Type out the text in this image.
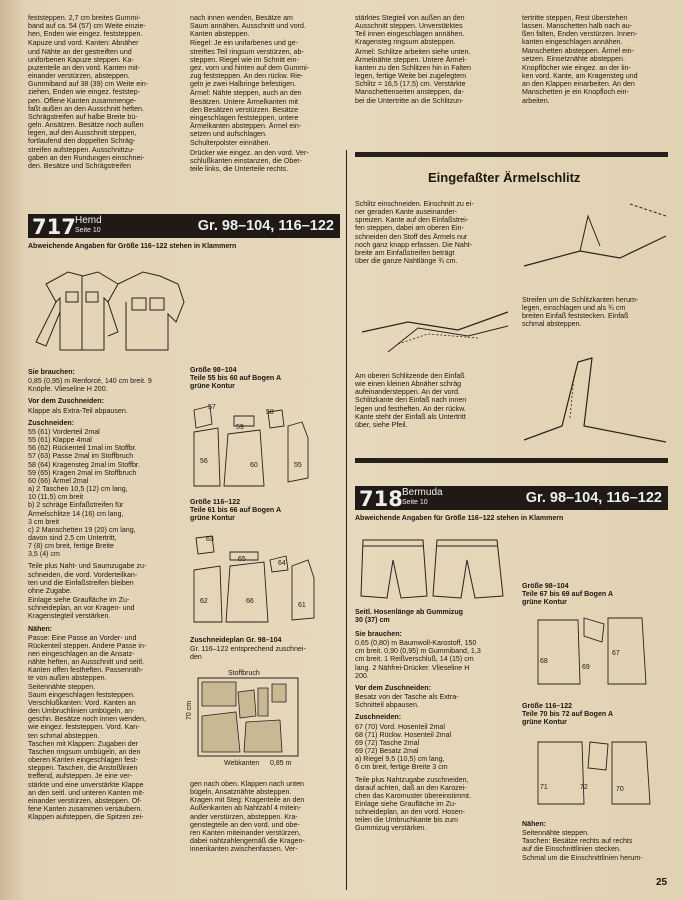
feststeppen. 2,7 cm breites Gummi-
band auf ca. 54 (57) cm Weite einzie-
hen, Enden wie eingez. feststeppen.

Kapuze und vord. Kanten: Abnäher
und Nähte an der gestreiften und
uniforbenen Kapuze steppen. Ka-
puzenteile an den vord. Kanten mit-
einander verstürzen, absteppen.
Gummiband auf 38 (39) cm Weite ein-
ziehen, Enden wie eingez. feststep-
pen. Offene Kanten zusammenge-
faßt außen an den Ausschnitt heften.
Schrägstreifen auf halbe Breite bü-
geln. Ansätzen. Besätze noch außen
legen, auf den Ausschnitt steppen,
fortlaufend den doppelten Schräg-
streifen aufsteppen. Ausschnittzu-
gaben an den Rundungen einschnei-
den. Besätze und Schrägstreifen

nach innen wenden, Besätze am
Saum annähen. Ausschnitt und vord.
Kanten absteppen.

Riegel: Je ein unifarbenes und ge-
streiftes Teil ringsum verstürzen, ab-
steppen. Riegel wie im Schnitt ein-
gez. vorn und hinten auf dem Gummi-
zug feststeppen. An den rückw. Rie-
geln je zwei Halbringe befestigen.

Ärmel: Nähte steppen, auch an den
Besätzen. Untere Ärmelkanten mit
den Besätzen verstürzen. Besätze
eingeschlagen feststeppen, untere
Ärmelkanten absteppen. Ärmel ein-
setzen und aufschlagen.

Schulterpolster einnähen.

Drücker wie eingez. an den vord. Ver-
schlußkanten einstanzen, die Ober-
teile links, die Unterteile rechts.

stärktes Stegteil von außen an den
Ausschnitt steppen. Unverstärktes
Teil innen eingeschlagen annähen.
Kragensteg ringsum absteppen.

Ärmel: Schlitze arbeiten siehe unten.
Ärmelnähte steppen. Untere Ärmel-
kanten zu den Schlitzen hin in Falten
legen, fertige Weite bei zugelegtem
Schlitz = 16,5 (17,5) cm. Verstärkte
Manschettenseiten ansteppen, da-
bei die Untertritte an die Schlitzun-

tertritte steppen, Rest überstehen
lassen. Manschetten halb nach au-
ßen falten, Enden verstürzen. Innen-
kanten eingeschlagen annähen.
Manschetten absteppen. Ärmel ein-
setzen. Einsetznähte absteppen.

Knopflöcher wie eingez. an der lin-
ken vord. Kante, am Kragensteg und
an den Klappen einarbeiten. An den
Manschetten je ein Knopfloch ein-
arbeiten.

Eingefaßter Ärmelschlitz

Schlitz einschneiden. Einschnitt zu ei-
ner geraden Kante auseinander-
spreizen. Kante auf den Einfaßstrei-
fen steppen, dabei am oberen Ein-
schneiden den Stoff des Ärmels nur
noch ganz knapp erfassen. Die Naht-
breite am Einfaßstreifen beträgt
über die ganze Nahtlänge ¾ cm.

Streifen um die Schlitzkanten herum-
legen, einschlagen und als ¾ cm
breiten Einfaß feststecken. Einfaß
schmal absteppen.

Am oberen Schlitzende den Einfaß
wie einen kleinen Abnäher schräg
aufeinandersteppen. An der vord.
Schlitzkante den Einfaß nach innen
legen und festheften. An der rückw.
Kante steht der Einfaß als Untertritt
über, siehe Pfeil.

717 Hemd
Seite 10	Gr. 98–104, 116–122
Abweichende Angaben für Größe 116–122 stehen in Klammern

Sie brauchen:

0,85 (0,95) m Renforcé, 140 cm breit. 9
Knöpfe. Vlieseline H 200.

Vor dem Zuschneiden:

Klappe als Extra-Teil abpausen.

Zuschneiden:

55 (61) Vorderteil 2mal
55 (61) Klappe 4mal
56 (62) Rückenteil 1mal im Stoffbr.
57 (63) Passe 2mal im Stoffbruch
58 (64) Kragensteg 2mal im Stoffbr.
59 (65) Kragen 2mal im Stoffbruch
60 (66) Ärmel 2mal
a) 2 Taschen 10,5 (12) cm lang,
10 (11,5) cm breit
b) 2 schräge Einfaßstreifen für
Ärmelschlitze 14 (16) cm lang,
3 cm breit
c) 2 Manschetten 19 (20) cm lang,
davon sind 2,5 cm Untertritt,
7 (8) cm breit, fertige Breite
3,5 (4) cm

Teile plus Naht- und Saumzugabe zu-
schneiden, die vord. Vorderteilkan-
ten und die Einfaßstreifen bleiben
ohne Zugabe.

Einlage siehe Graufläche im Zu-
schneideplan, an vor Kragen- und
Kragenstegteil verstärken.

Nähen:

Passe: Eine Passe an Vorder- und
Rückenteil steppen. Andere Passe in-
nen eingeschlagen an die Ansatz-
nähte heften, an Ausschnitt und seitl.
Kanten offen festheften. Passennäh-
te von außen absteppen.
Seitennähte steppen.
Saum eingeschlagen feststeppen.
Verschlußkanten: Vord. Kanten an
den Umbruchlinien umbügeln, an-
geschn. Besätze noch innen wenden,
wie eingez. feststeppen. Vord. Kan-
ten schmal absteppen.
Taschen mit Klappen: Zugaben der
Taschen ringsum umbügeln, an den
oberen Kanten eingeschlagen fest-
steppen. Taschen, die Anstoßlinien
treffend, aufsteppen. Je eine ver-
stärkte und eine unverstärkte Klappe
an den seitl. und unteren Kanten mit-
einander verstürzen, absteppen. Of-
fene Kanten zusammen versäubern.
Klappen aufsteppen, die Spitzen zei-

Größe 98–104
Teile 55 bis 60 auf Bogen A
grüne Kontur
57
58
59
56
60	55
Größe 116–122
Teile 61 bis 66 auf Bogen A
grüne Kontur
63
65
64
62	66
61

Zuschneideplan Gr. 98–104

Gr. 116–122 entsprechend zuschnei-
den

Stoffbruch
0,85 m
Webkanten
70 cm

gen nach oben. Klappen nach unten
bügeln, Ansatznähte absteppen.
Kragen mit Steg: Kragenteile an den
Außenkanten ab Nahtzahl 4 mitein-
ander verstürzen, absteppen. Kra-
genstegteile an den vord. und obe-
ren Kanten miteinander verstürzen,
dabei nahtzahlengemäß die Kragen-
innenkanten zwischenfassen. Ver-

718 Bermuda
Seite 10	Gr. 98–104, 116–122
Abweichende Angaben für Größe 116–122 stehen in Klammern
Seitl. Hosenlänge ab Gummizug
30 (37) cm

Sie brauchen:

0,65 (0,80) m Baumwoll-Karostoff, 150
cm breit. 0,90 (0,95) m Gummiband, 1,3
cm breit. 1 Reißverschluß, 14 (15) cm
lang. 2 Nähfrei-Drücker. Vlieseline H
200.

Vor dem Zuschneiden:

Besatz von der Tasche als Extra-
Schnitteil abpausen.

Zuschneiden:

67 (70) Vord. Hosenteil 2mal
68 (71) Rückw. Hosenteil 2mal
69 (72) Tasche 2mal
69 (72) Besatz 2mal
a) Riegel 9,5 (10,5) cm lang,
6 cm breit, fertige Breite 3 cm

Teile plus Nahtzugabe zuschneiden,
darauf achten, daß an den Karozei-
chen das Karomuster übereinstimmt.
Einlage siehe Graufläche im Zu-
schneideplan, an den vord. Hosen-
teilen die Umbruchkante bis zum
Gummizug verstärken.

Größe 98–104
Teile 67 bis 69 auf Bogen A
grüne Kontur
68
69
67
Größe 116–122
Teile 70 bis 72 auf Bogen A
grüne Kontur
71	72	70

Nähen:

Seitennähte steppen.
Taschen: Besätze rechts auf rechts
auf die Einschnittlinien stecken.
Schmal um die Einschnittlinien herum-

25
